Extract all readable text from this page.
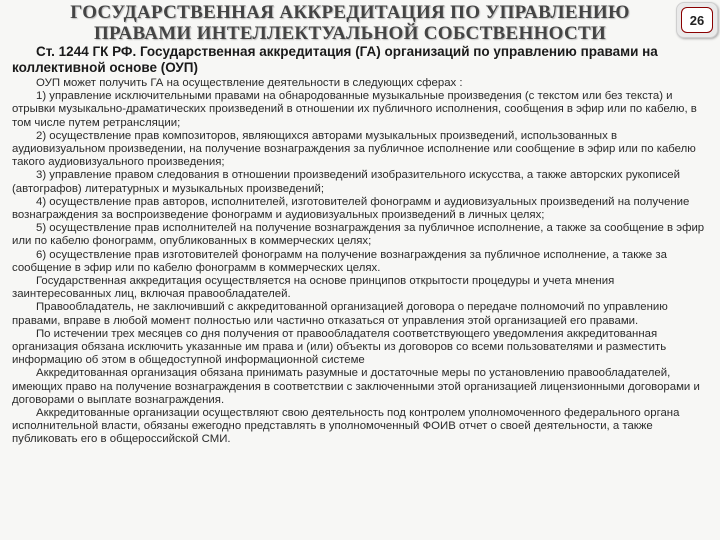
ГОСУДАРСТВЕННАЯ АККРЕДИТАЦИЯ ПО УПРАВЛЕНИЮ

ПРАВАМИ ИНТЕЛЛЕКТУАЛЬНОЙ СОБСТВЕННОСТИ

26

Ст. 1244 ГК РФ. Государственная аккредитация (ГА) организаций по управлению правами на коллективной основе (ОУП)

ОУП может получить ГА на осуществление деятельности в следующих сферах :

1) управление исключительными правами на обнародованные музыкальные произведения (с текстом или без текста) и отрывки музыкально-драматических произведений в отношении их публичного исполнения, сообщения в эфир или по кабелю, в том числе путем ретрансляции;

2) осуществление прав композиторов, являющихся авторами музыкальных произведений, использованных в аудиовизуальном произведении, на получение вознаграждения за публичное исполнение или сообщение в эфир или по кабелю такого аудиовизуального произведения;

3) управление правом следования в отношении произведений изобразительного искусства, а также авторских рукописей (автографов) литературных и музыкальных произведений;

4) осуществление прав авторов, исполнителей, изготовителей фонограмм и аудиовизуальных произведений на получение вознаграждения за воспроизведение фонограмм и аудиовизуальных произведений в личных целях;

5) осуществление прав исполнителей на получение вознаграждения за публичное исполнение, а также за сообщение в эфир или по кабелю фонограмм, опубликованных в коммерческих целях;

6) осуществление прав изготовителей фонограмм на получение вознаграждения за публичное исполнение, а также за сообщение в эфир или по кабелю фонограмм в коммерческих целях.

Государственная аккредитация осуществляется на основе принципов открытости процедуры и учета мнения заинтересованных лиц, включая правообладателей.

Правообладатель, не заключивший с аккредитованной организацией договора о передаче полномочий по управлению правами, вправе в любой момент полностью или частично отказаться от управления этой организацией его правами.

По истечении трех месяцев со дня получения от правообладателя соответствующего уведомления аккредитованная организация обязана исключить указанные им права и (или) объекты из договоров со всеми пользователями и разместить информацию об этом в общедоступной информационной системе

Аккредитованная организация обязана принимать разумные и достаточные меры по установлению правообладателей, имеющих право на получение вознаграждения в соответствии с заключенными этой организацией лицензионными договорами и договорами о выплате вознаграждения.

Аккредитованные организации осуществляют свою деятельность под контролем уполномоченного федерального органа исполнительной власти, обязаны ежегодно представлять в уполномоченный ФОИВ отчет о своей деятельности, а также публиковать его в общероссийской СМИ.
